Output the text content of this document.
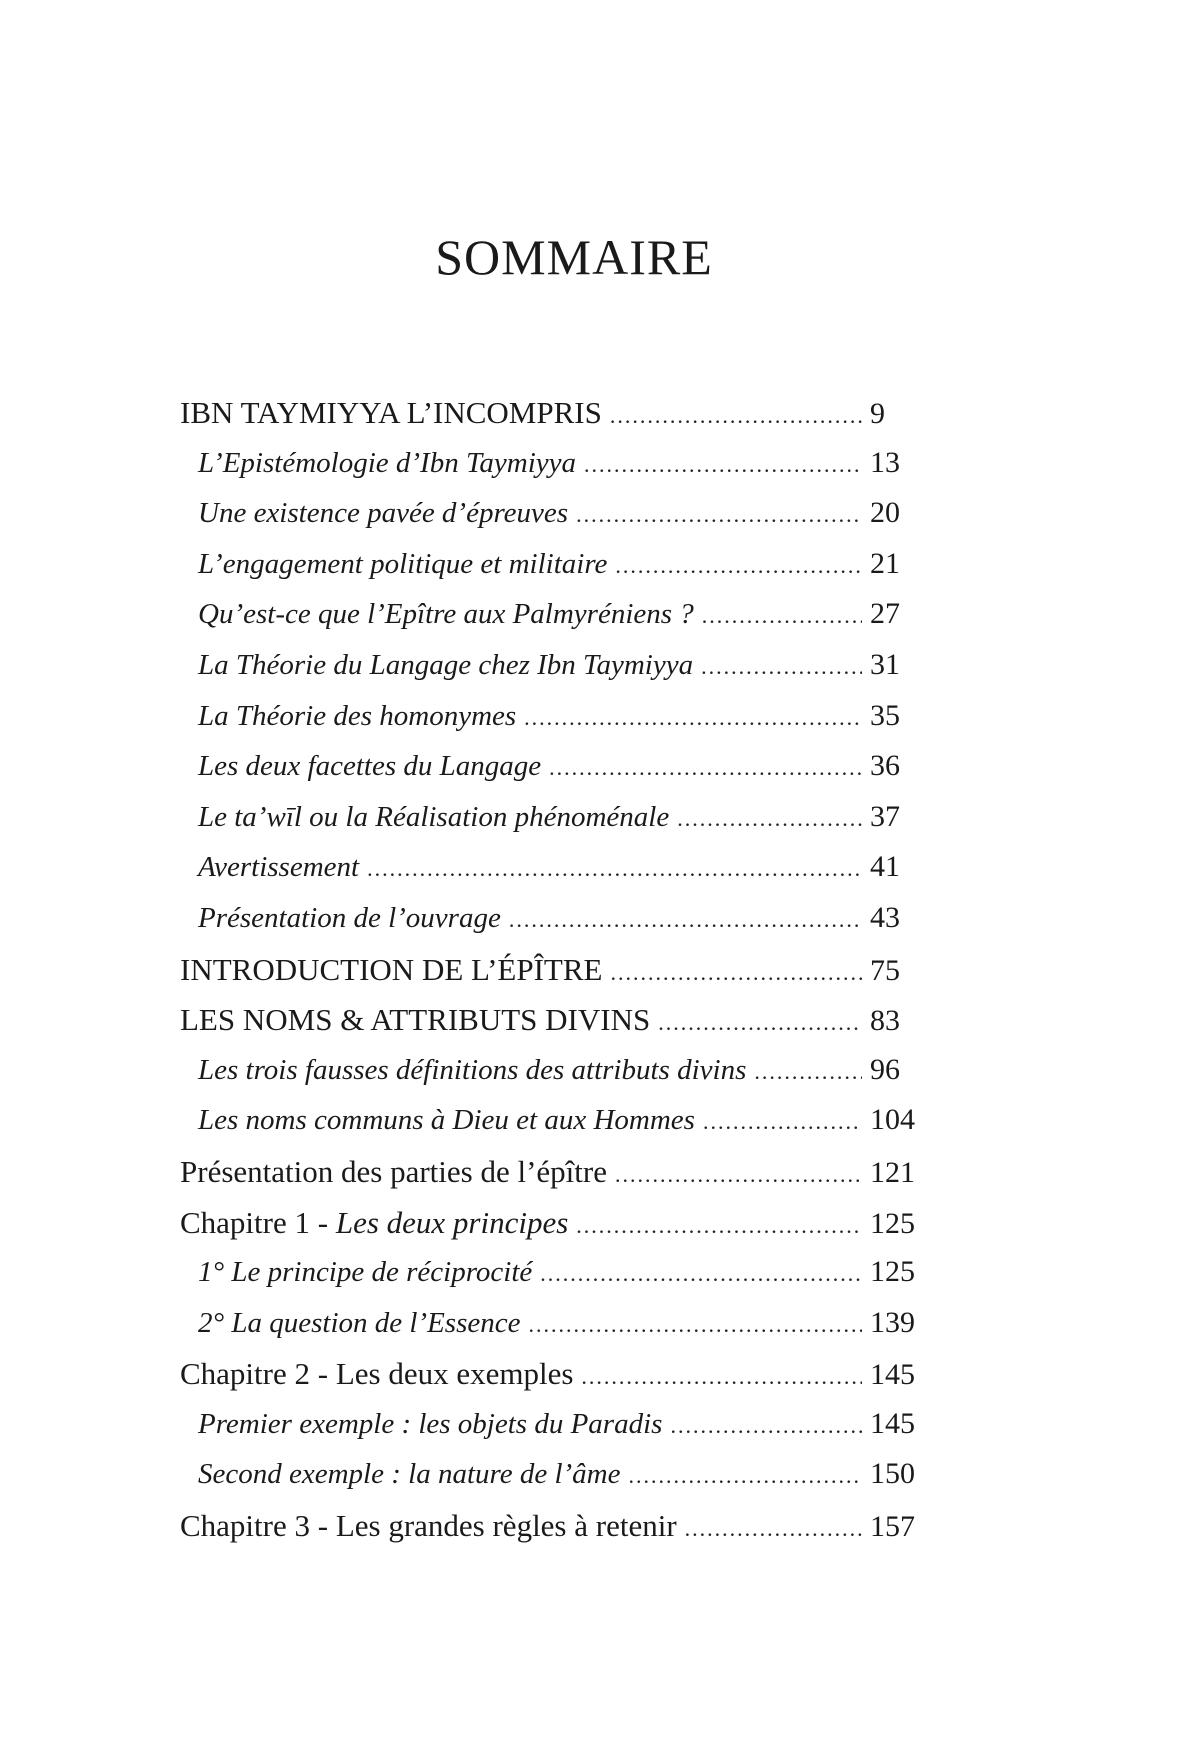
SOMMAIRE
IBN TAYMIYYA L’INCOMPRIS .....	9
L’Epistémologie d’Ibn Taymiyya .....	13
Une existence pavée d’épreuves .....	20
L’engagement politique et militaire .....	21
Qu’est-ce que l’Epître aux Palmyréniens ? .....	27
La Théorie du Langage chez Ibn Taymiyya .....	31
La Théorie des homonymes .....	35
Les deux facettes du Langage .....	36
Le ta’wīl ou la Réalisation phénoménale .....	37
Avertissement .....	41
Présentation de l’ouvrage .....	43
INTRODUCTION DE L’ÉPÎTRE .....	75
LES NOMS & ATTRIBUTS DIVINS .....	83
Les trois fausses définitions des attributs divins .....	96
Les noms communs à Dieu et aux Hommes .....	104
Présentation des parties de l’épître .....	121
Chapitre 1 - Les deux principes .....	125
1° Le principe de réciprocité .....	125
2° La question de l’Essence .....	139
Chapitre 2 - Les deux exemples .....	145
Premier exemple : les objets du Paradis .....	145
Second exemple : la nature de l’âme .....	150
Chapitre 3 - Les grandes règles à retenir .....	157
